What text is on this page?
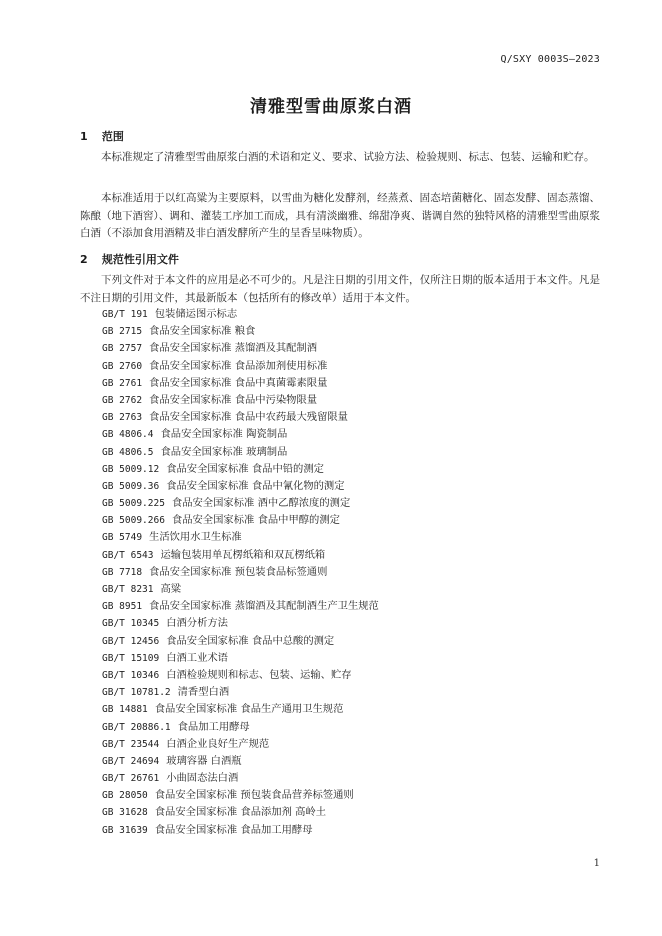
Q/SXY 0003S—2023
清雅型雪曲原浆白酒
1 范围
本标准规定了清雅型雪曲原浆白酒的术语和定义、要求、试验方法、检验规则、标志、包装、运输和贮存。
本标准适用于以红高粱为主要原料，以雪曲为糖化发酵剂，经蒸煮、固态培菌糖化、固态发酵、固态蒸馏、陈酿（地下酒窖）、调和、灌装工序加工而成，具有清淡幽雅、绵甜净爽、谐调自然的独特风格的清雅型雪曲原浆白酒（不添加食用酒精及非白酒发酵所产生的呈香呈味物质）。
2 规范性引用文件
下列文件对于本文件的应用是必不可少的。凡是注日期的引用文件，仅所注日期的版本适用于本文件。凡是不注日期的引用文件，其最新版本（包括所有的修改单）适用于本文件。
GB/T 191 包装储运图示标志
GB 2715 食品安全国家标准 粮食
GB 2757 食品安全国家标准 蒸馏酒及其配制酒
GB 2760 食品安全国家标准 食品添加剂使用标准
GB 2761 食品安全国家标准 食品中真菌霉素限量
GB 2762 食品安全国家标准 食品中污染物限量
GB 2763 食品安全国家标准 食品中农药最大残留限量
GB 4806.4 食品安全国家标准 陶瓷制品
GB 4806.5 食品安全国家标准 玻璃制品
GB 5009.12 食品安全国家标准 食品中铅的测定
GB 5009.36 食品安全国家标准 食品中氰化物的测定
GB 5009.225 食品安全国家标准 酒中乙醇浓度的测定
GB 5009.266 食品安全国家标准 食品中甲醇的测定
GB 5749 生活饮用水卫生标准
GB/T 6543 运输包装用单瓦楞纸箱和双瓦楞纸箱
GB 7718 食品安全国家标准 预包装食品标签通则
GB/T 8231 高粱
GB 8951 食品安全国家标准 蒸馏酒及其配制酒生产卫生规范
GB/T 10345 白酒分析方法
GB/T 12456 食品安全国家标准 食品中总酸的测定
GB/T 15109 白酒工业术语
GB/T 10346 白酒检验规则和标志、包装、运输、贮存
GB/T 10781.2 清香型白酒
GB 14881 食品安全国家标准 食品生产通用卫生规范
GB/T 20886.1 食品加工用酵母
GB/T 23544 白酒企业良好生产规范
GB/T 24694 玻璃容器 白酒瓶
GB/T 26761 小曲固态法白酒
GB 28050 食品安全国家标准 预包装食品营养标签通则
GB 31628 食品安全国家标准 食品添加剂 高岭土
GB 31639 食品安全国家标准 食品加工用酵母
1
